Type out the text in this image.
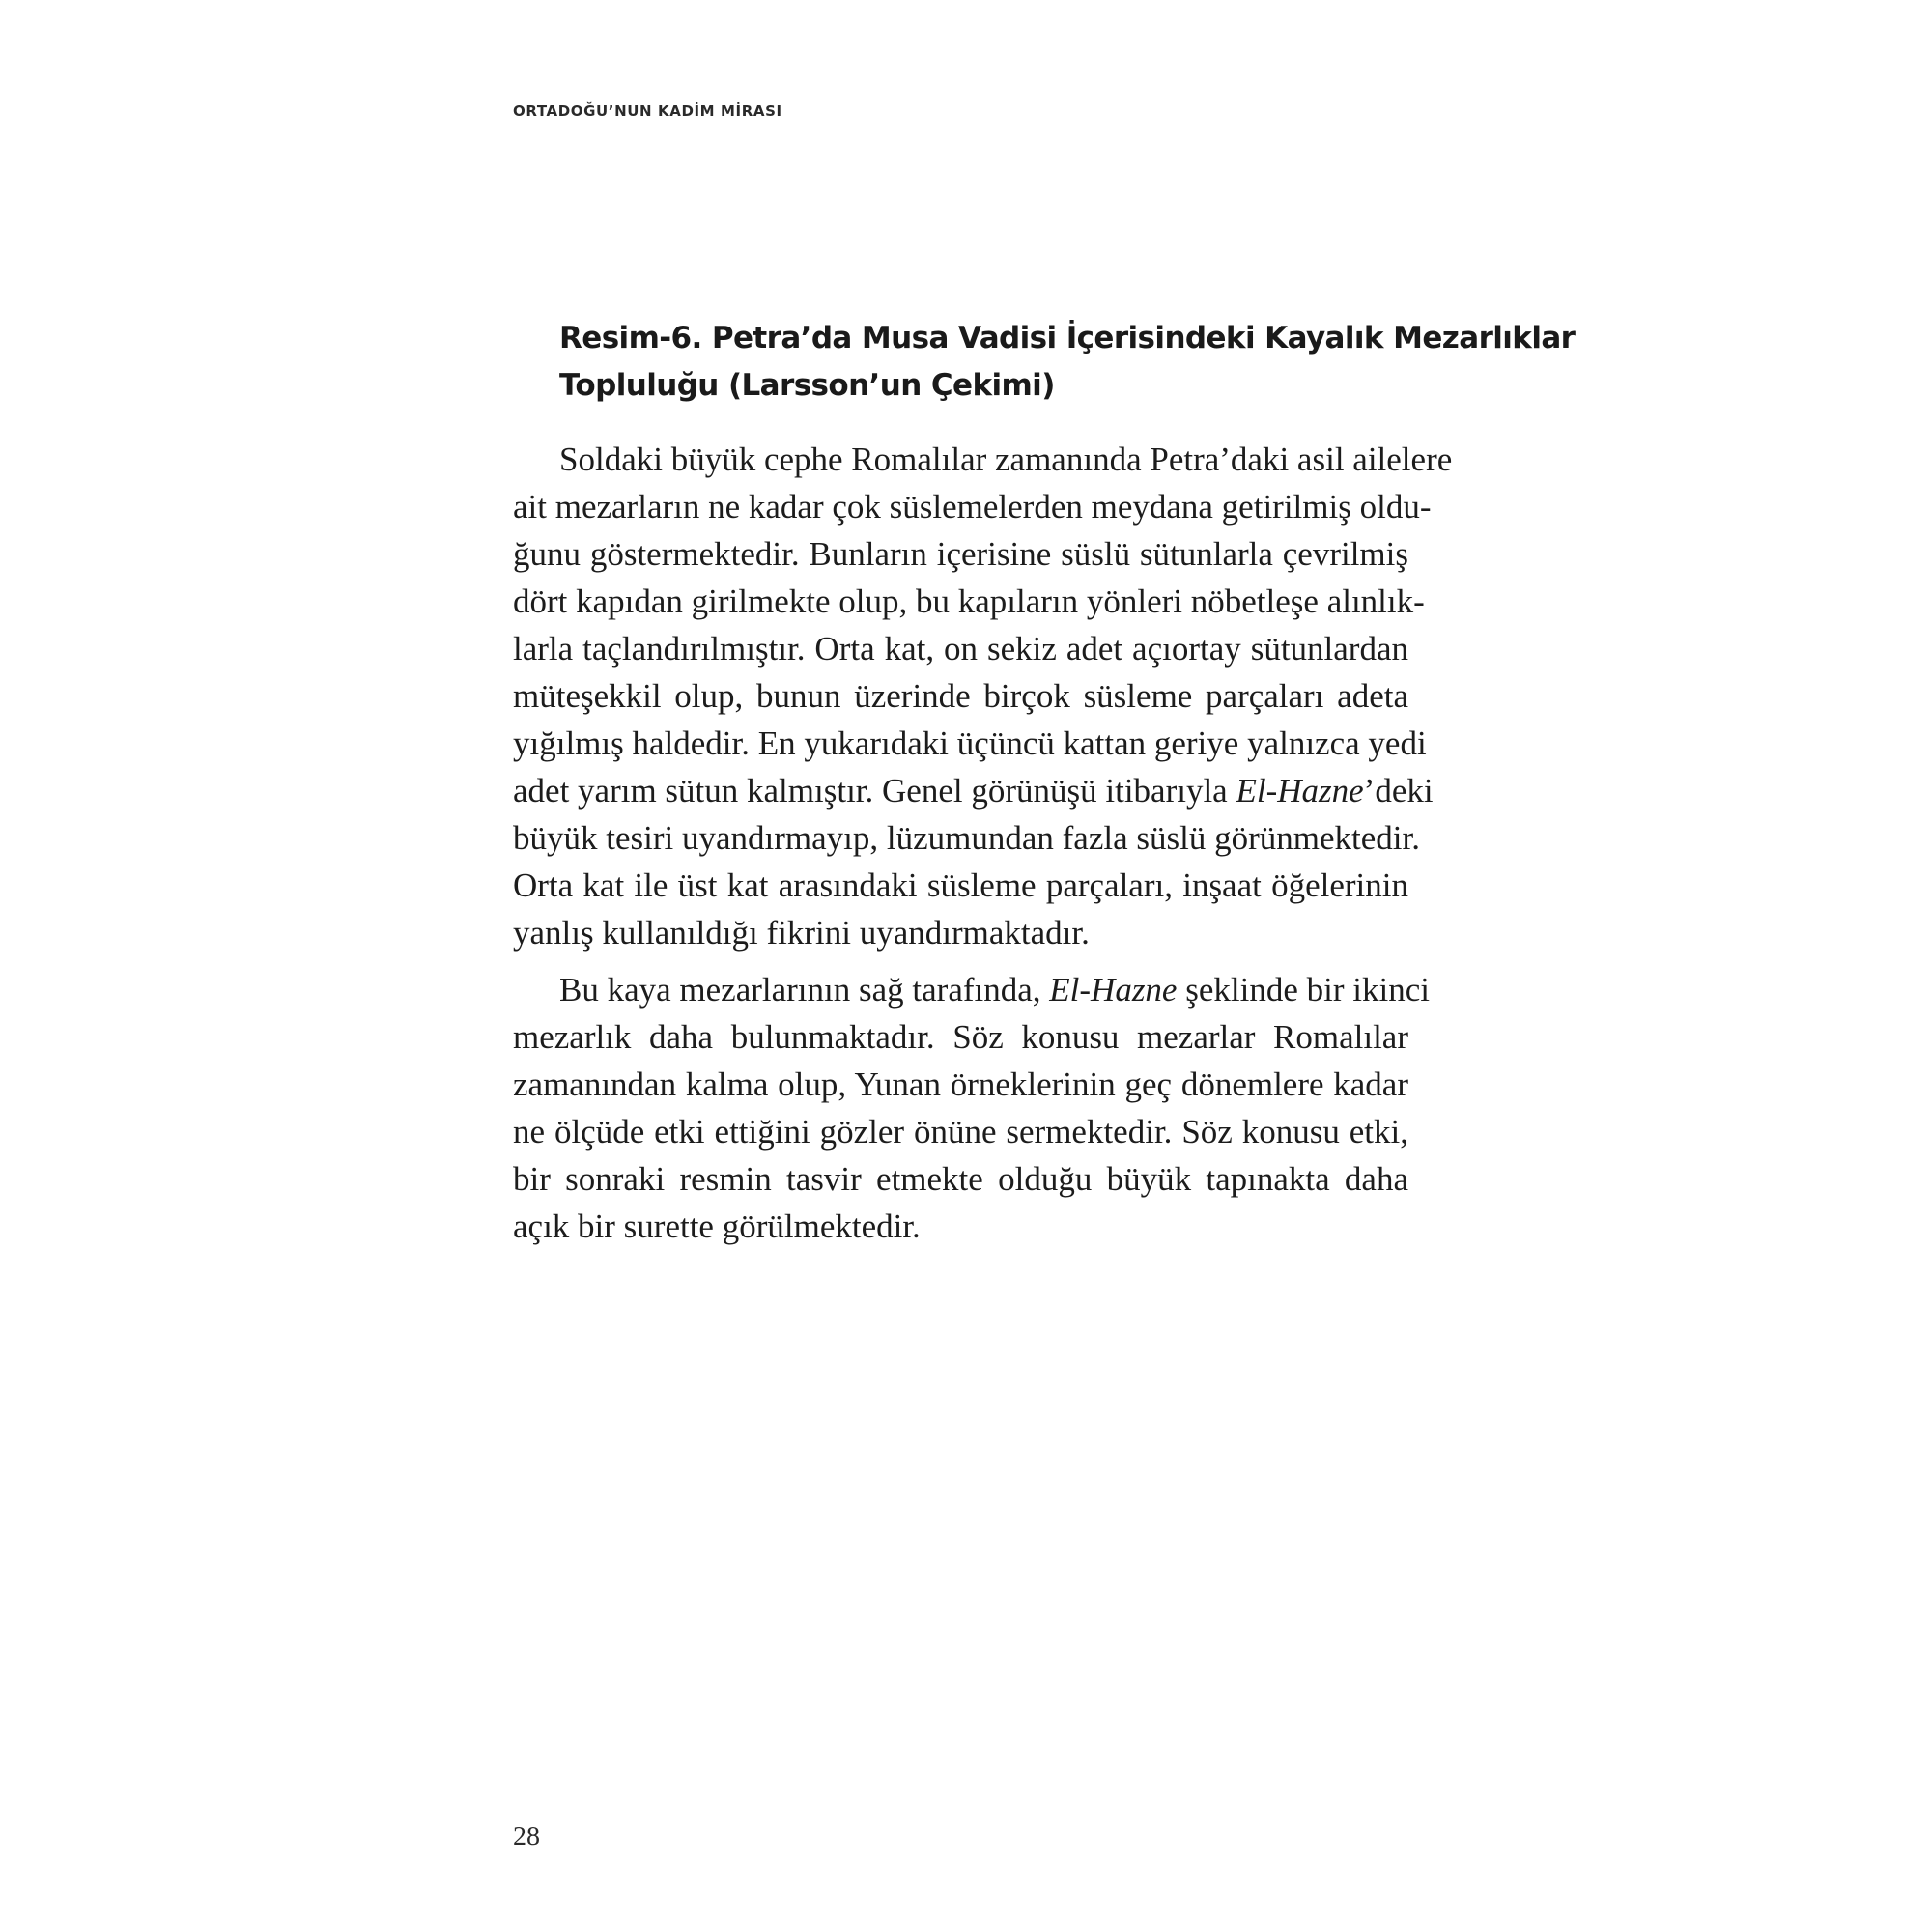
ORTADOĞU’NUN KADİM MİRASI
Resim-6. Petra’da Musa Vadisi İçerisindeki Kayalık Mezarlıklar
Topluluğu (Larsson’un Çekimi)

Soldaki büyük cephe Romalılar zamanında Petra’daki asil ailelere
ait mezarların ne kadar çok süslemelerden meydana getirilmiş oldu-
ğunu göstermektedir. Bunların içerisine süslü sütunlarla çevrilmiş
dört kapıdan girilmekte olup, bu kapıların yönleri nöbetleşe alınlık-
larla taçlandırılmıştır. Orta kat, on sekiz adet açıortay sütunlardan
müteşekkil olup, bunun üzerinde birçok süsleme parçaları adeta
yığılmış haldedir. En yukarıdaki üçüncü kattan geriye yalnızca yedi
adet yarım sütun kalmıştır. Genel görünüşü itibarıyla El-Hazne’deki
büyük tesiri uyandırmayıp, lüzumundan fazla süslü görünmektedir.
Orta kat ile üst kat arasındaki süsleme parçaları, inşaat öğelerinin
yanlış kullanıldığı fikrini uyandırmaktadır.

Bu kaya mezarlarının sağ tarafında, El-Hazne şeklinde bir ikinci
mezarlık daha bulunmaktadır. Söz konusu mezarlar Romalılar
zamanından kalma olup, Yunan örneklerinin geç dönemlere kadar
ne ölçüde etki ettiğini gözler önüne sermektedir. Söz konusu etki,
bir sonraki resmin tasvir etmekte olduğu büyük tapınakta daha
açık bir surette görülmektedir.

28
